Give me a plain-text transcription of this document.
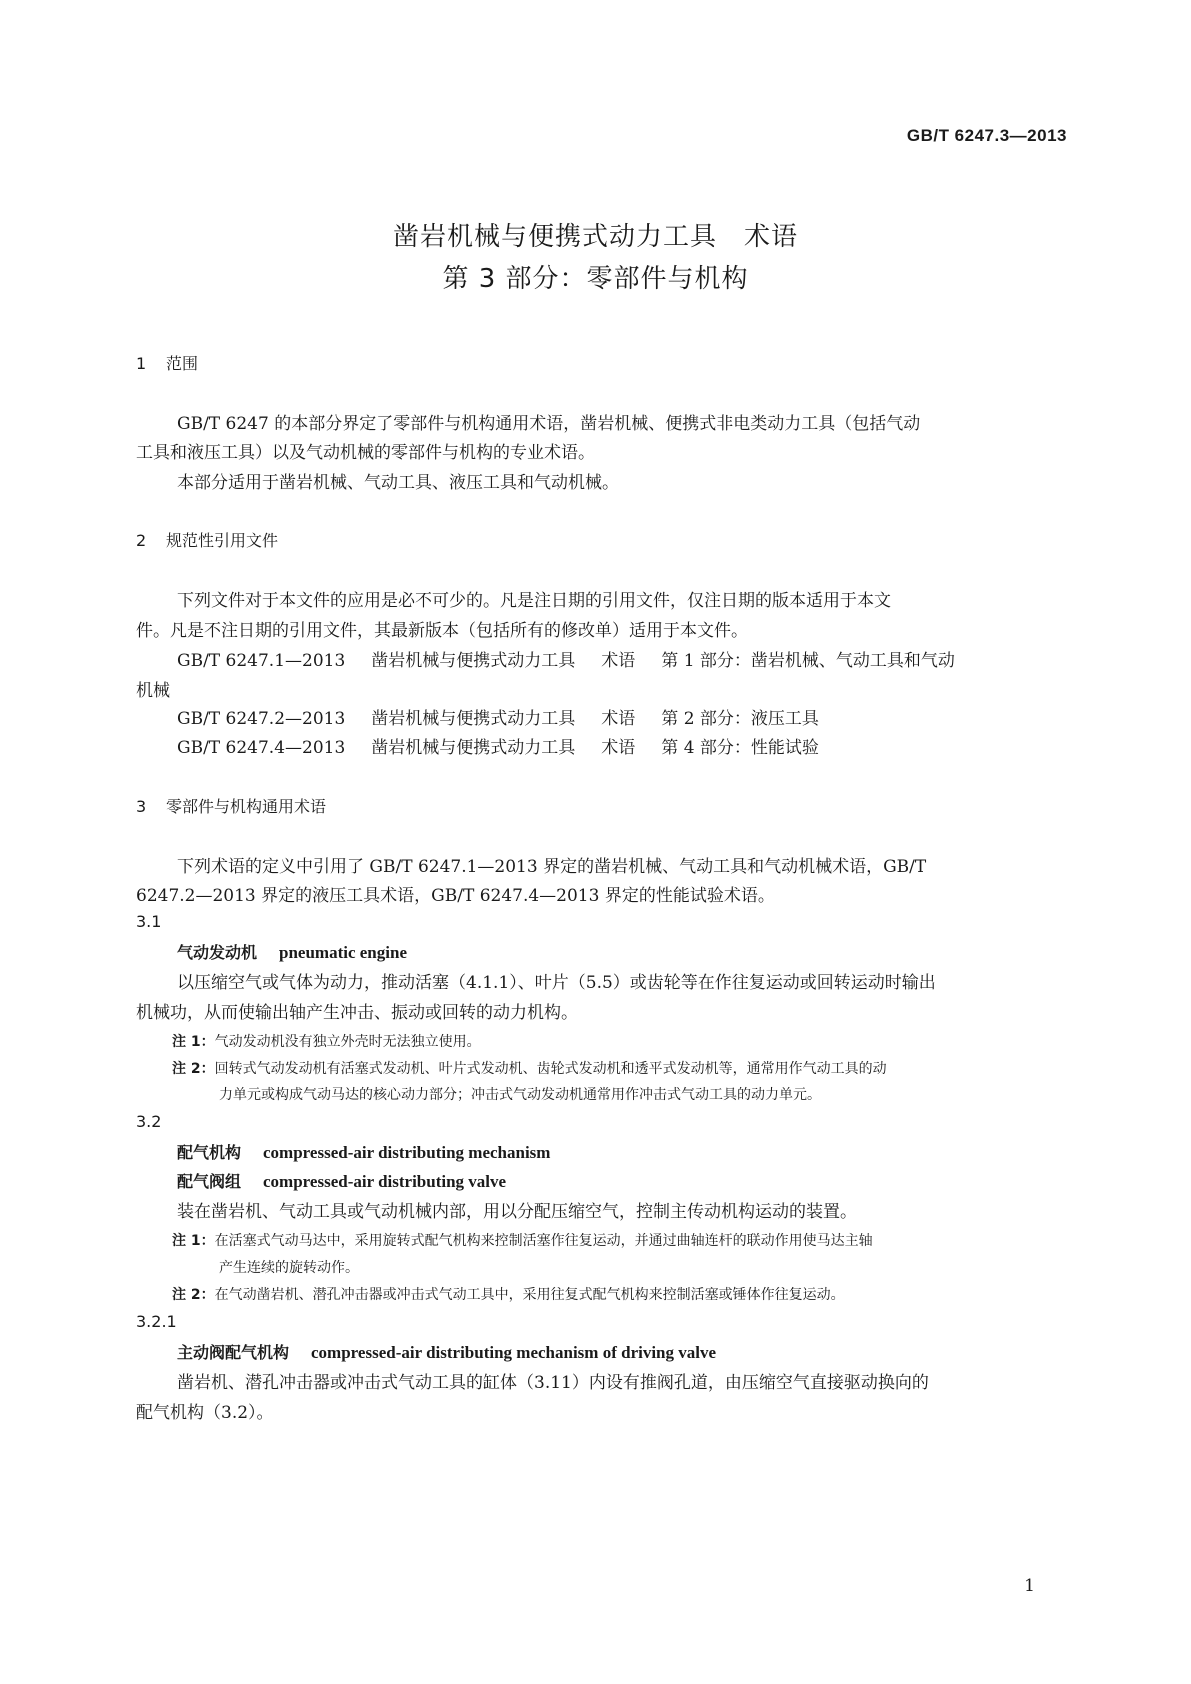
GB/T 6247.3—2013
凿岩机械与便携式动力工具　术语
第 3 部分：零部件与机构
1 范围
GB/T 6247 的本部分界定了零部件与机构通用术语，凿岩机械、便携式非电类动力工具（包括气动
工具和液压工具）以及气动机械的零部件与机构的专业术语。
本部分适用于凿岩机械、气动工具、液压工具和气动机械。
2 规范性引用文件
下列文件对于本文件的应用是必不可少的。凡是注日期的引用文件，仅注日期的版本适用于本文
件。凡是不注日期的引用文件，其最新版本（包括所有的修改单）适用于本文件。
GB/T 6247.1—2013 凿岩机械与便携式动力工具 术语 第 1 部分：凿岩机械、气动工具和气动
机械
GB/T 6247.2—2013 凿岩机械与便携式动力工具 术语 第 2 部分：液压工具
GB/T 6247.4—2013 凿岩机械与便携式动力工具 术语 第 4 部分：性能试验
3 零部件与机构通用术语
下列术语的定义中引用了 GB/T 6247.1—2013 界定的凿岩机械、气动工具和气动机械术语，GB/T
6247.2—2013 界定的液压工具术语，GB/T 6247.4—2013 界定的性能试验术语。
3.1
气动发动机 pneumatic engine
以压缩空气或气体为动力，推动活塞（4.1.1）、叶片（5.5）或齿轮等在作往复运动或回转运动时输出
机械功，从而使输出轴产生冲击、振动或回转的动力机构。
注 1：气动发动机没有独立外壳时无法独立使用。
注 2：回转式气动发动机有活塞式发动机、叶片式发动机、齿轮式发动机和透平式发动机等，通常用作气动工具的动
力单元或构成气动马达的核心动力部分；冲击式气动发动机通常用作冲击式气动工具的动力单元。
3.2
配气机构 compressed-air distributing mechanism
配气阀组 compressed-air distributing valve
装在凿岩机、气动工具或气动机械内部，用以分配压缩空气，控制主传动机构运动的装置。
注 1：在活塞式气动马达中，采用旋转式配气机构来控制活塞作往复运动，并通过曲轴连杆的联动作用使马达主轴
产生连续的旋转动作。
注 2：在气动凿岩机、潜孔冲击器或冲击式气动工具中，采用往复式配气机构来控制活塞或锤体作往复运动。
3.2.1
主动阀配气机构 compressed-air distributing mechanism of driving valve
凿岩机、潜孔冲击器或冲击式气动工具的缸体（3.11）内设有推阀孔道，由压缩空气直接驱动换向的
配气机构（3.2）。
1
